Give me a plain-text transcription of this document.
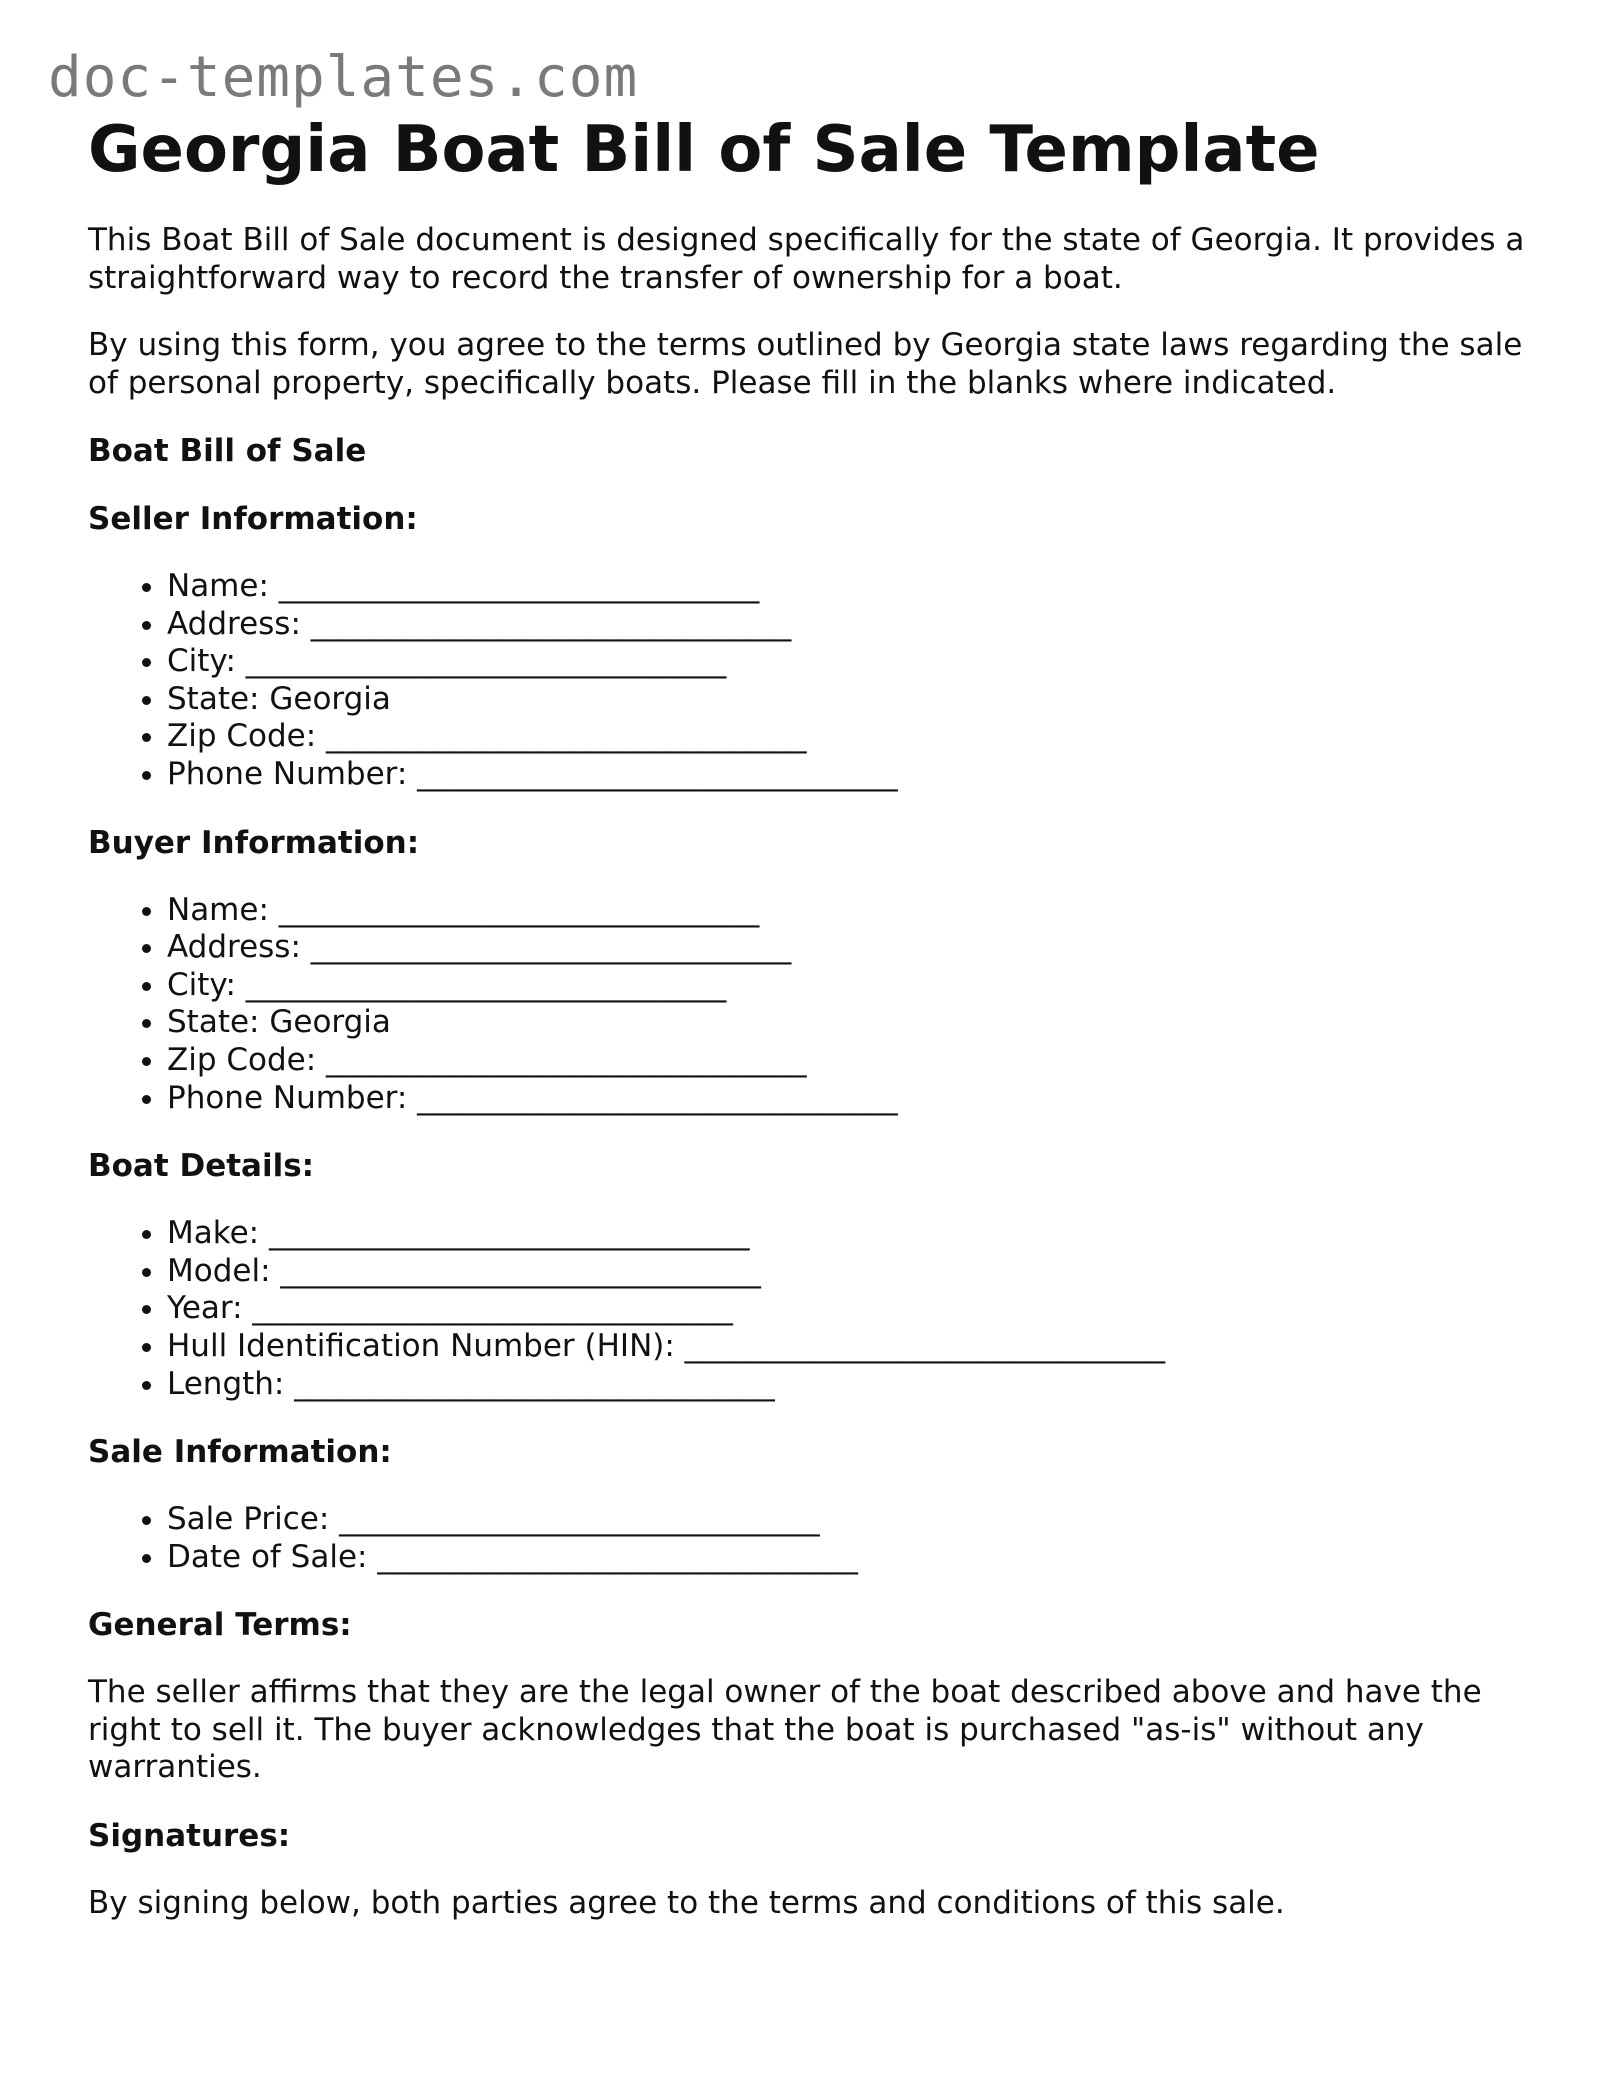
doc-templates.com
Georgia Boat Bill of Sale Template

This Boat Bill of Sale document is designed specifically for the state of Georgia. It provides a straightforward way to record the transfer of ownership for a boat.

By using this form, you agree to the terms outlined by Georgia state laws regarding the sale of personal property, specifically boats. Please fill in the blanks where indicated.

Boat Bill of Sale
Seller Information:
• Name: _______________________________
• Address: _______________________________
• City: _______________________________
• State: Georgia
• Zip Code: _______________________________
• Phone Number: _______________________________
Buyer Information:
• Name: _______________________________
• Address: _______________________________
• City: _______________________________
• State: Georgia
• Zip Code: _______________________________
• Phone Number: _______________________________
Boat Details:
• Make: _______________________________
• Model: _______________________________
• Year: _______________________________
• Hull Identification Number (HIN): _______________________________
• Length: _______________________________
Sale Information:
• Sale Price: _______________________________
• Date of Sale: _______________________________
General Terms:

The seller affirms that they are the legal owner of the boat described above and have the right to sell it. The buyer acknowledges that the boat is purchased "as-is" without any warranties.

Signatures:

By signing below, both parties agree to the terms and conditions of this sale.
